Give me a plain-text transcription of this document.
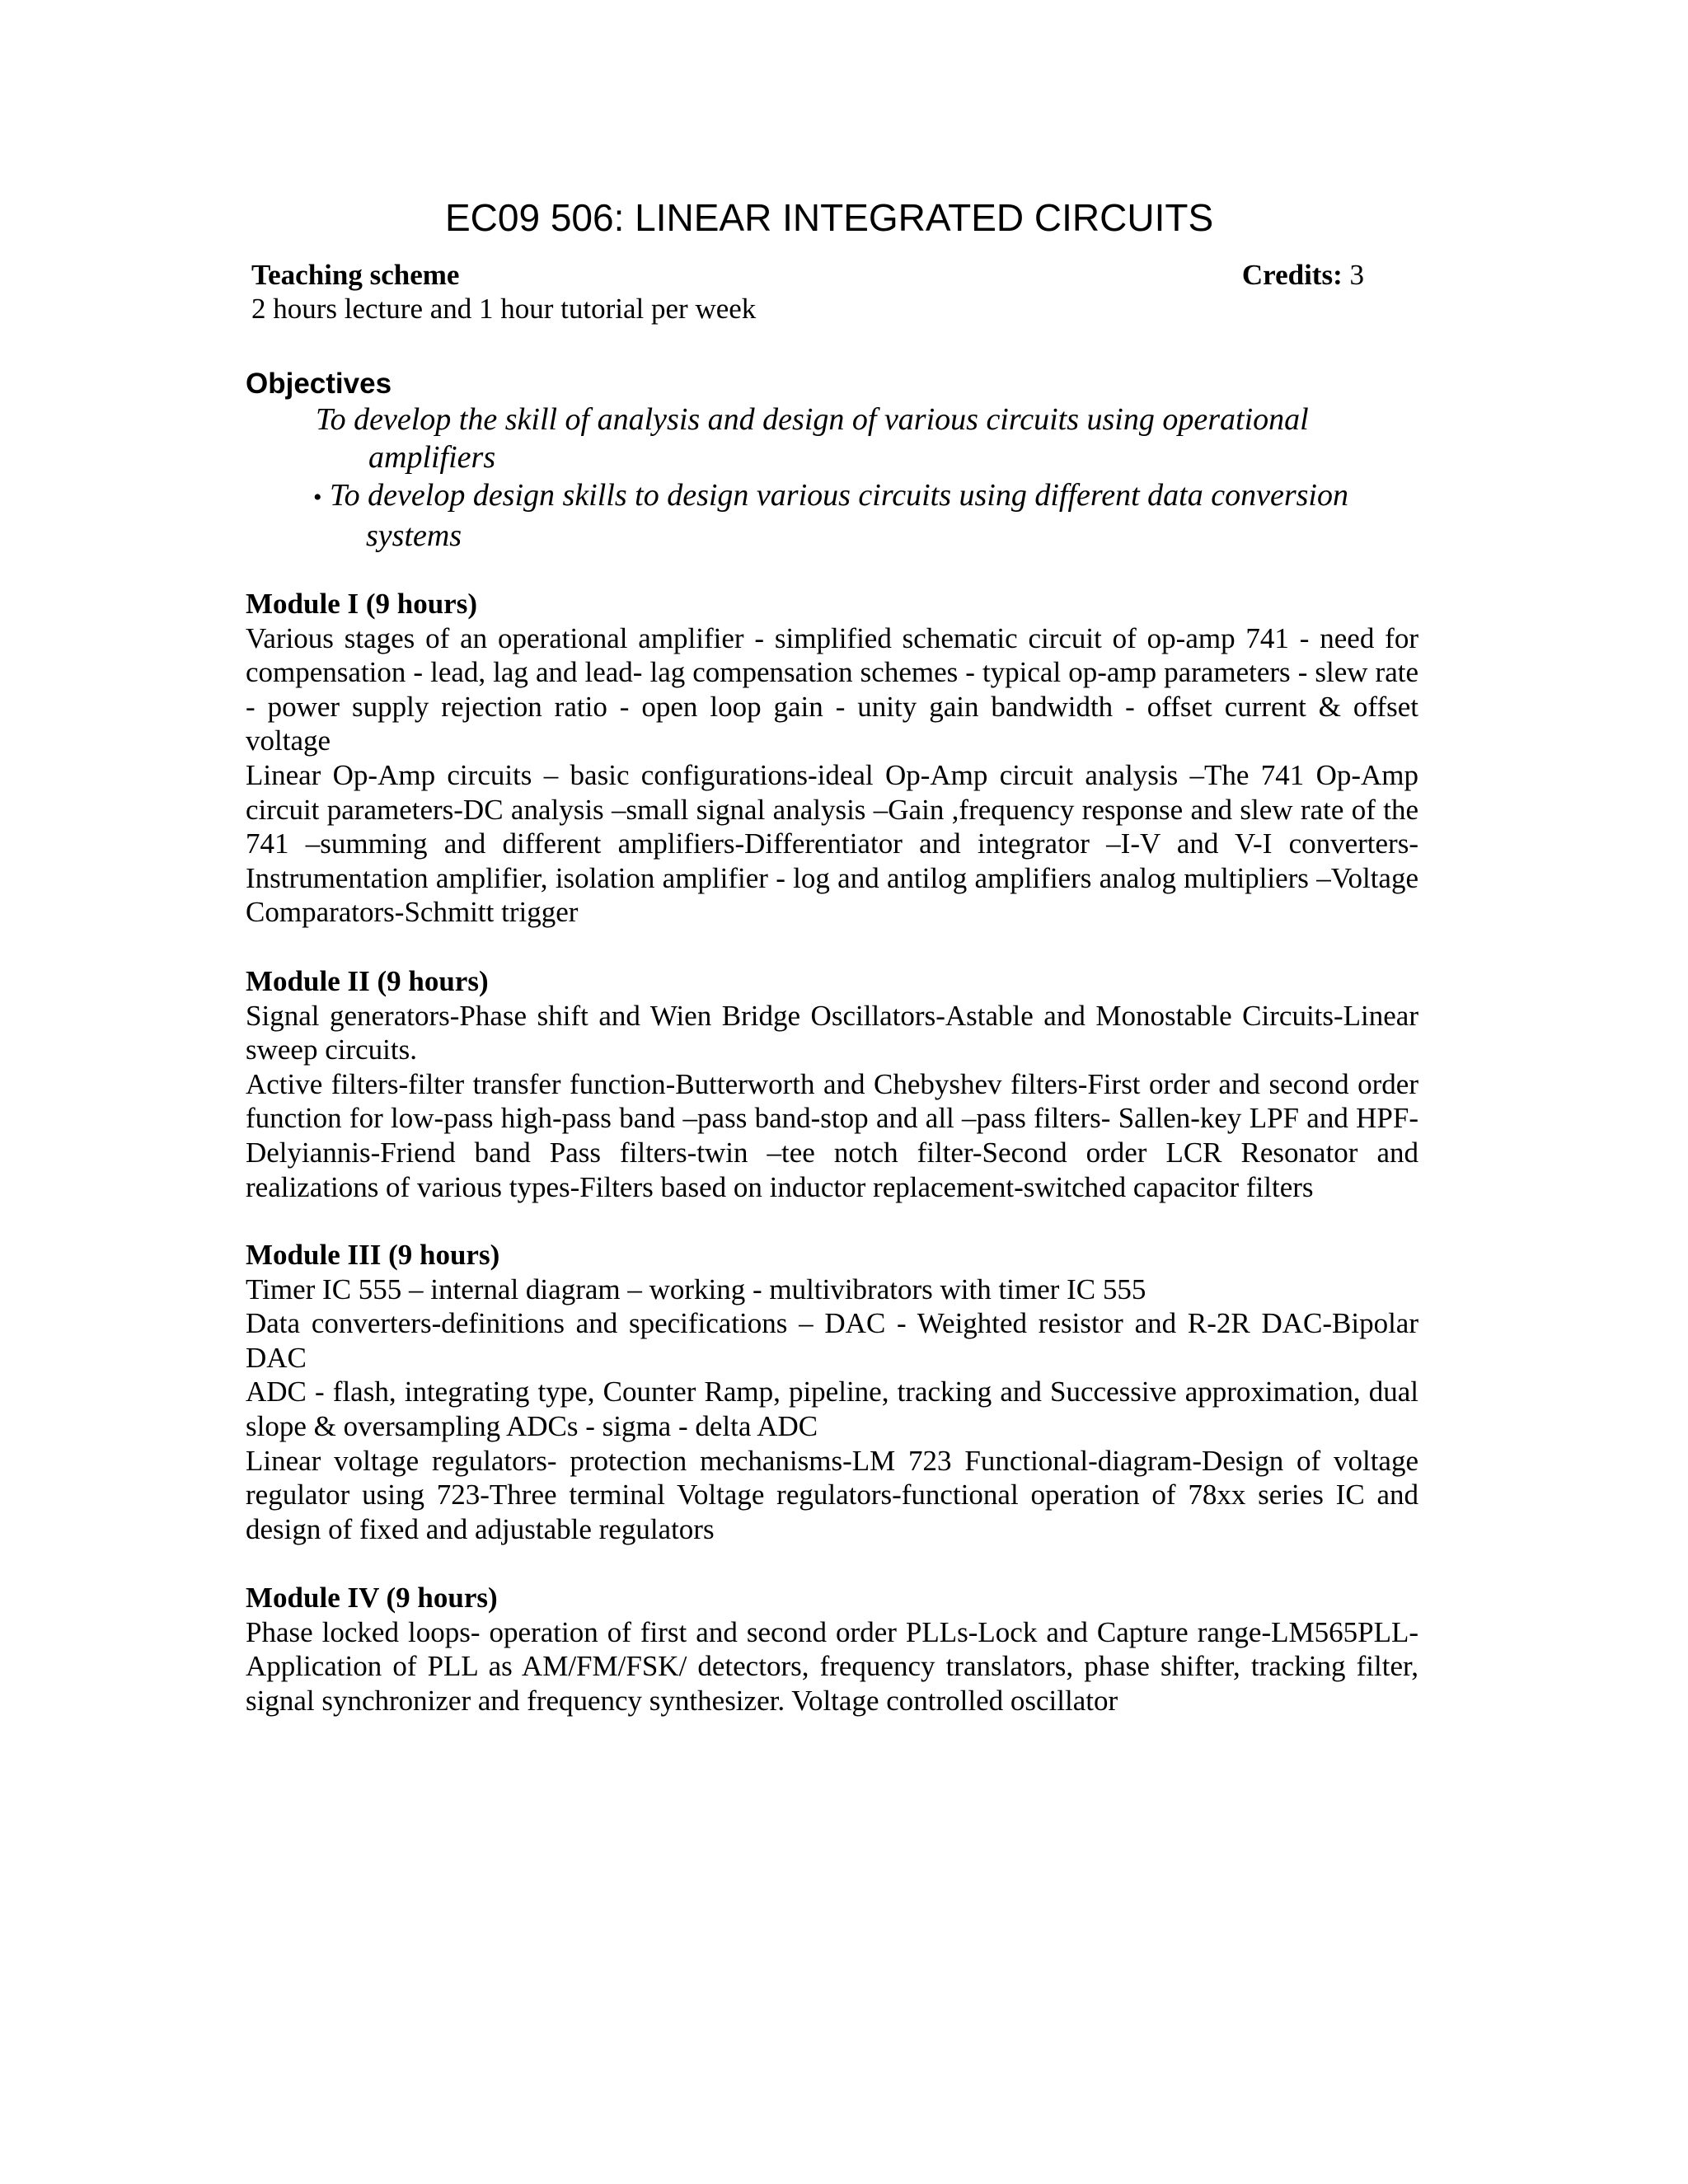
EC09 506: LINEAR INTEGRATED CIRCUITS
Teaching scheme	Credits: 3
2 hours lecture and 1 hour tutorial per week
Objectives
To develop the skill of analysis and design of various circuits using operational
amplifiers
• To develop design skills to design various circuits using different data conversion
systems
Module I (9 hours)

Various stages of an operational amplifier - simplified schematic circuit of op-amp 741 - need for compensation - lead, lag and lead- lag compensation schemes - typical op-amp parameters - slew rate - power supply rejection ratio - open loop gain - unity gain bandwidth - offset current & offset voltage

Linear Op-Amp circuits – basic configurations-ideal Op-Amp circuit analysis –The 741 Op-Amp circuit parameters-DC analysis –small signal analysis –Gain ,frequency response and slew rate of the 741 –summing and different amplifiers-Differentiator and integrator –I-V and V-I converters-Instrumentation amplifier, isolation amplifier - log and antilog amplifiers analog multipliers –Voltage Comparators-Schmitt trigger

Module II (9 hours)

Signal generators-Phase shift and Wien Bridge Oscillators-Astable and Monostable Circuits-Linear sweep circuits.

Active filters-filter transfer function-Butterworth and Chebyshev filters-First order and second order function for low-pass high-pass band –pass band-stop and all –pass filters- Sallen-key LPF and HPF-Delyiannis-Friend band Pass filters-twin –tee notch filter-Second order LCR Resonator and realizations of various types-Filters based on inductor replacement-switched capacitor filters

Module III (9 hours)

Timer IC 555 – internal diagram – working - multivibrators with timer IC 555

Data converters-definitions and specifications – DAC - Weighted resistor and R-2R DAC-Bipolar DAC

ADC - flash, integrating type, Counter Ramp, pipeline, tracking and Successive approximation, dual slope & oversampling ADCs - sigma - delta ADC

Linear voltage regulators- protection mechanisms-LM 723 Functional-diagram-Design of voltage regulator using 723-Three terminal Voltage regulators-functional operation of 78xx series IC and design of fixed and adjustable regulators

Module IV (9 hours)

Phase locked loops- operation of first and second order PLLs-Lock and Capture range-LM565PLL-Application of PLL as AM/FM/FSK/ detectors, frequency translators, phase shifter, tracking filter, signal synchronizer and frequency synthesizer. Voltage controlled oscillator
